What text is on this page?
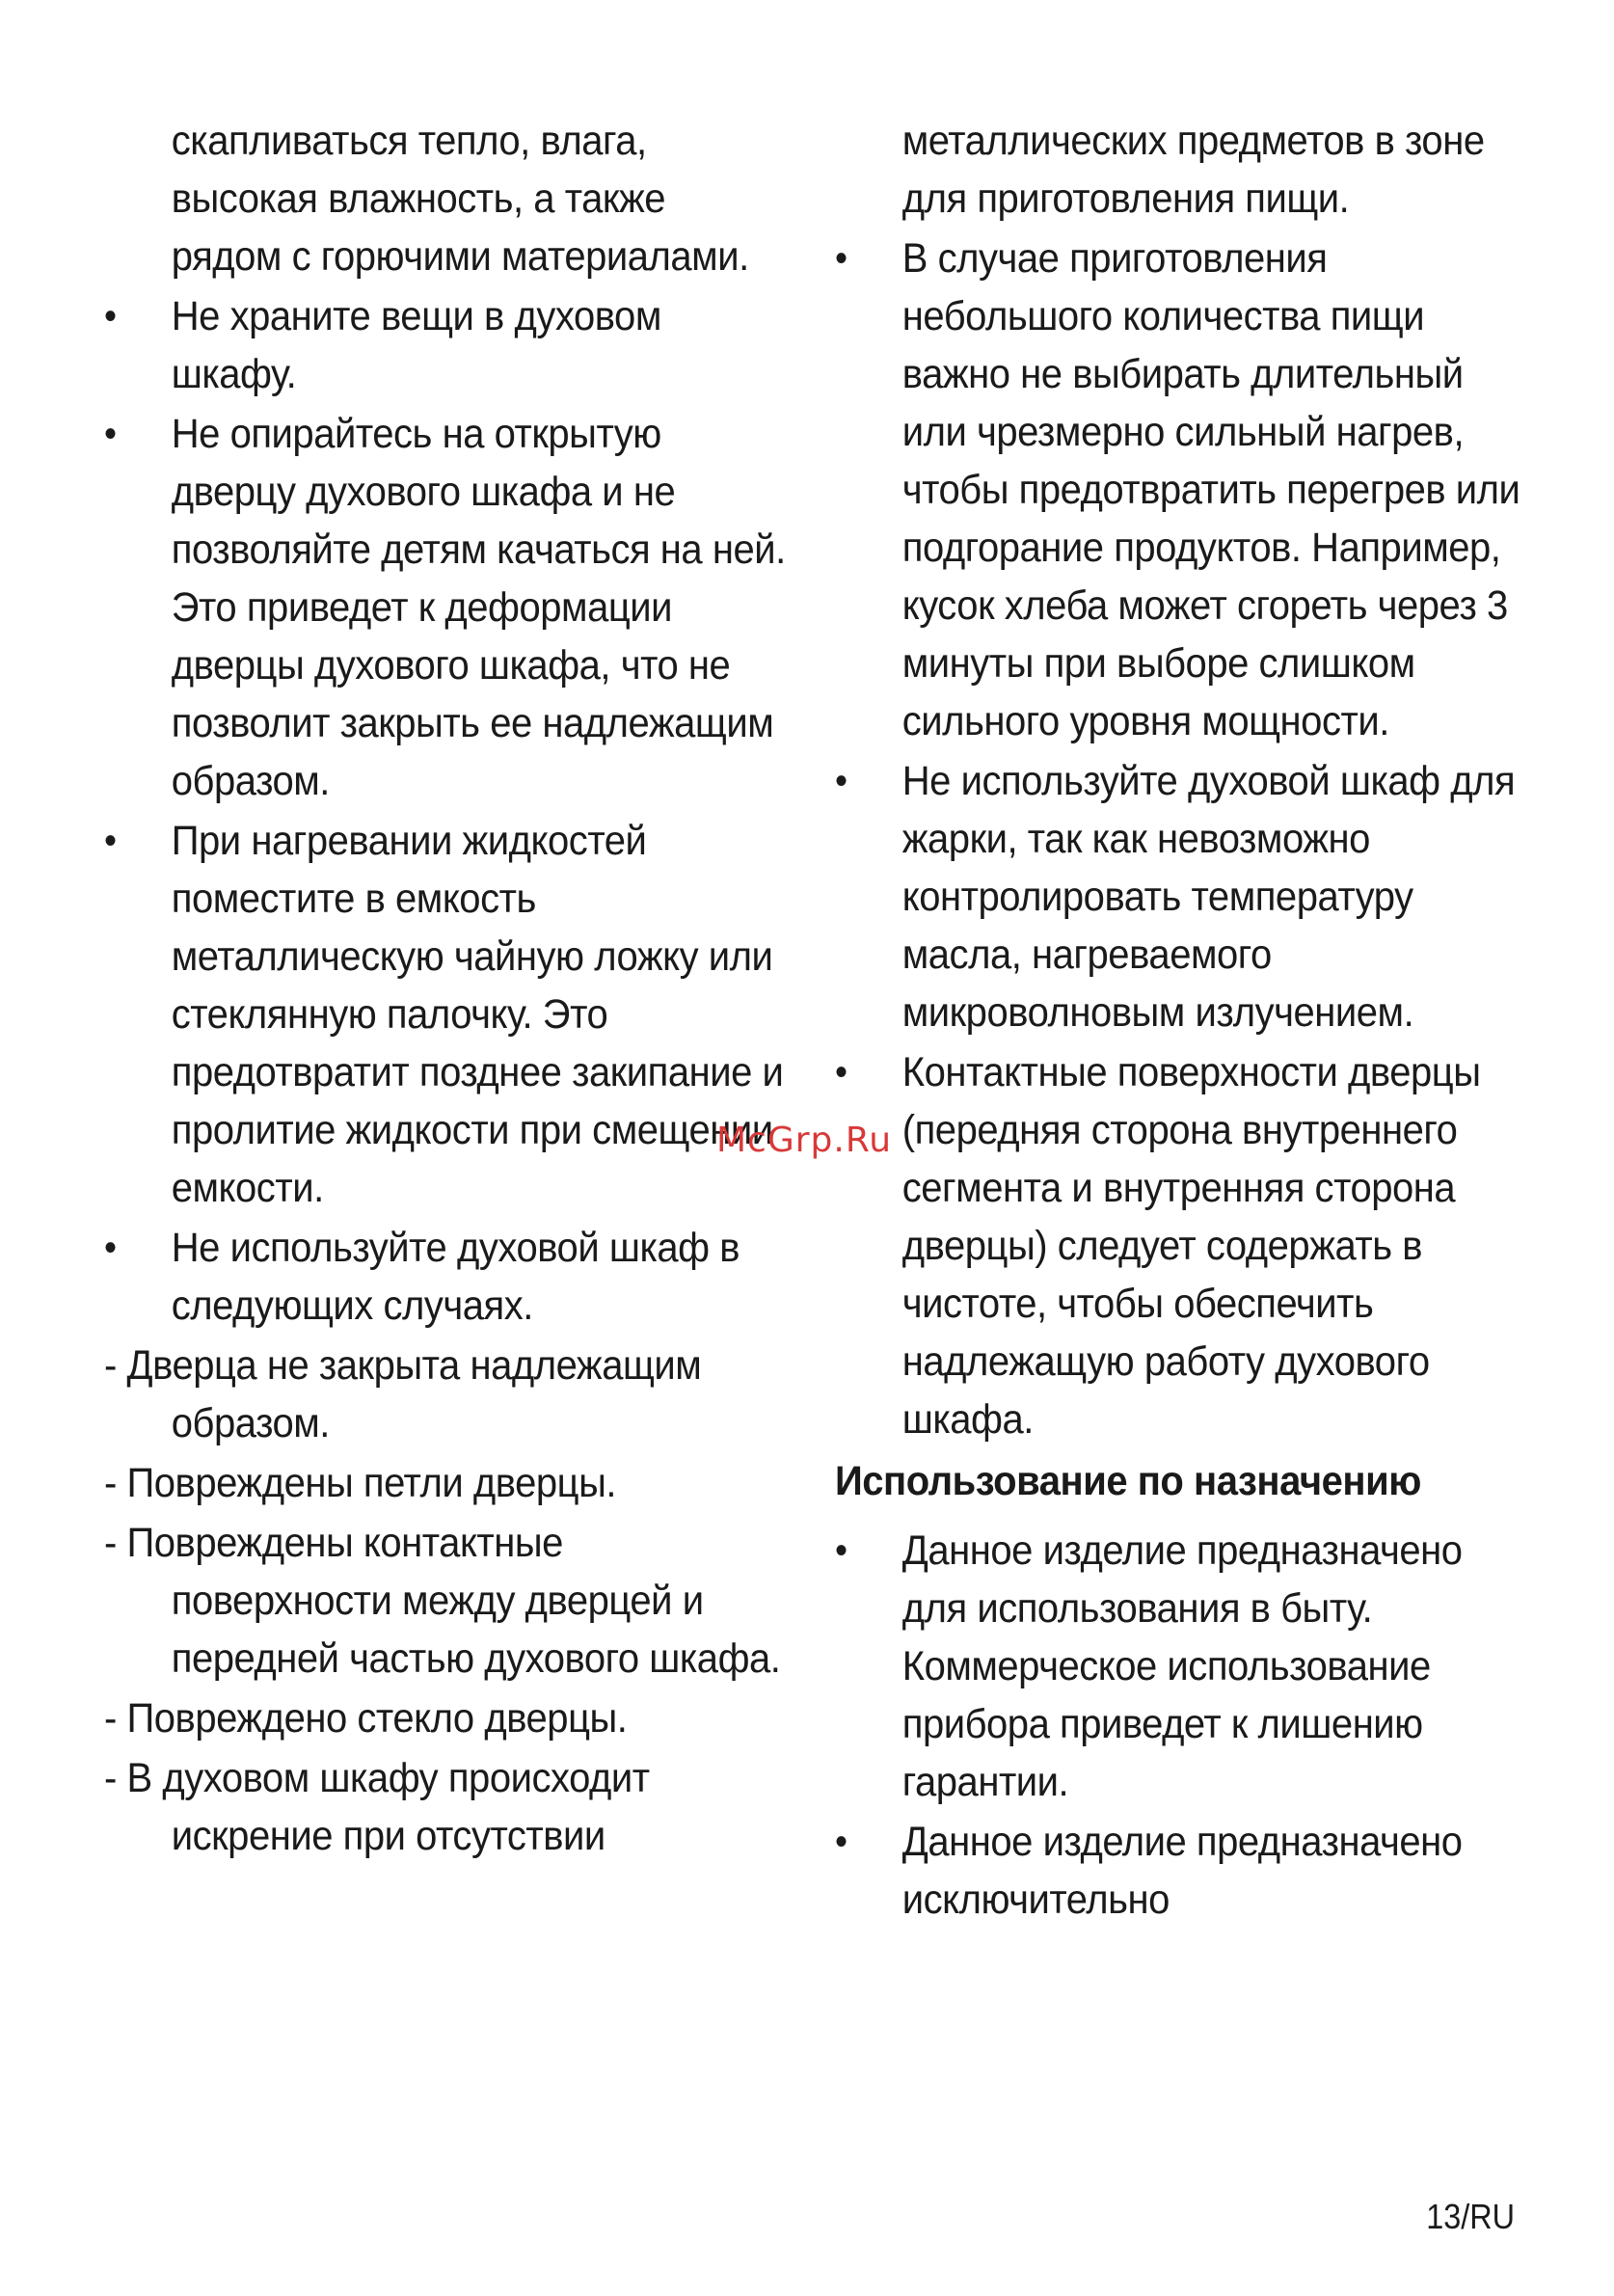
скапливаться тепло, влага, высокая влажность, а также рядом с горючими материалами.
• Не храните вещи в духовом шкафу.
• Не опирайтесь на открытую дверцу духового шкафа и не позволяйте детям качаться на ней. Это приведет к деформации дверцы духового шкафа, что не позволит закрыть ее надлежащим образом.
• При нагревании жидкостей поместите в емкость металлическую чайную ложку или стеклянную палочку. Это предотвратит позднее закипание и пролитие жидкости при смещении емкости.
• Не используйте духовой шкаф в следующих случаях.
- Дверца не закрыта надлежащим
образом.
- Повреждены петли дверцы.
- Повреждены контактные
поверхности между дверцей и передней частью духового шкафа.
- Повреждено стекло дверцы.
- В духовом шкафу происходит
искрение при отсутствии
металлических предметов в зоне для приготовления пищи.
• В случае приготовления небольшого количества пищи важно не выбирать длительный или чрезмерно сильный нагрев, чтобы предотвратить перегрев или подгорание продуктов. Например, кусок хлеба может сгореть через 3 минуты при выборе слишком сильного уровня мощности.
• Не используйте духовой шкаф для жарки, так как невозможно контролировать температуру масла, нагреваемого микроволновым излучением.
• Контактные поверхности дверцы (передняя сторона внутреннего сегмента и внутренняя сторона дверцы) следует содержать в чистоте, чтобы обеспечить надлежащую работу духового шкафа.
Использование по назначению
• Данное изделие предназначено для использования в быту. Коммерческое использование прибора приведет к лишению гарантии.
• Данное изделие предназначено исключительно
McGrp.Ru
13/RU
